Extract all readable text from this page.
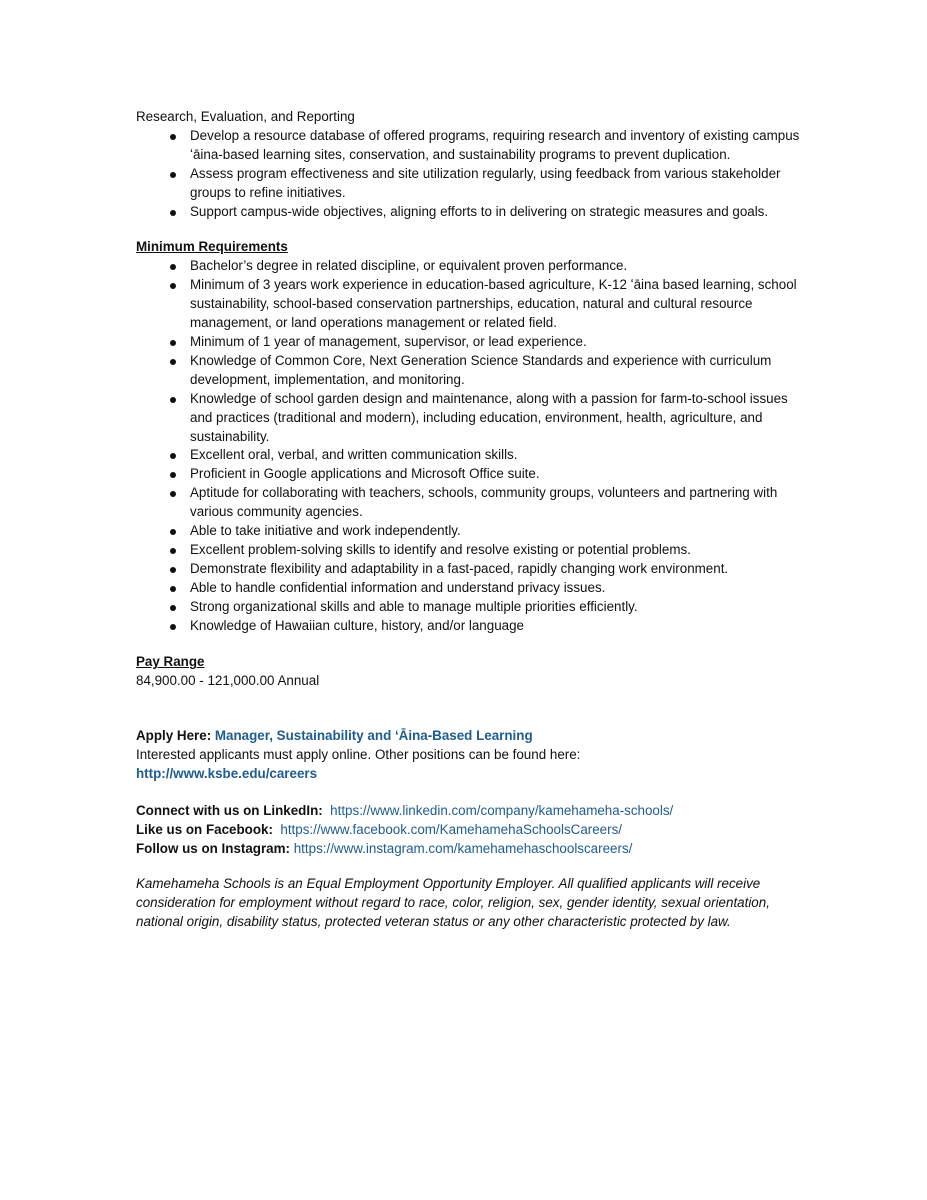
Research, Evaluation, and Reporting

Develop a resource database of offered programs, requiring research and inventory of existing campus ʻāina-based learning sites, conservation, and sustainability programs to prevent duplication.
Assess program effectiveness and site utilization regularly, using feedback from various stakeholder groups to refine initiatives.
Support campus-wide objectives, aligning efforts to in delivering on strategic measures and goals.

Minimum Requirements

Bachelor’s degree in related discipline, or equivalent proven performance.
Minimum of 3 years work experience in education-based agriculture, K-12 ʻāina based learning, school sustainability, school-based conservation partnerships, education, natural and cultural resource management, or land operations management or related field.
Minimum of 1 year of management, supervisor, or lead experience.
Knowledge of Common Core, Next Generation Science Standards and experience with curriculum development, implementation, and monitoring.
Knowledge of school garden design and maintenance, along with a passion for farm-to-school issues and practices (traditional and modern), including education, environment, health, agriculture, and sustainability.
Excellent oral, verbal, and written communication skills.
Proficient in Google applications and Microsoft Office suite.
Aptitude for collaborating with teachers, schools, community groups, volunteers and partnering with various community agencies.
Able to take initiative and work independently.
Excellent problem-solving skills to identify and resolve existing or potential problems.
Demonstrate flexibility and adaptability in a fast-paced, rapidly changing work environment.
Able to handle confidential information and understand privacy issues.
Strong organizational skills and able to manage multiple priorities efficiently.
Knowledge of Hawaiian culture, history, and/or language

Pay Range

84,900.00 - 121,000.00 Annual

Apply Here: Manager, Sustainability and ʻĀina-Based Learning

Interested applicants must apply online. Other positions can be found here:

http://www.ksbe.edu/careers

Connect with us on LinkedIn: https://www.linkedin.com/company/kamehameha-schools/

Like us on Facebook: https://www.facebook.com/KamehamehaSchoolsCareers/

Follow us on Instagram: https://www.instagram.com/kamehamehaschoolscareers/

Kamehameha Schools is an Equal Employment Opportunity Employer. All qualified applicants will receive consideration for employment without regard to race, color, religion, sex, gender identity, sexual orientation, national origin, disability status, protected veteran status or any other characteristic protected by law.
